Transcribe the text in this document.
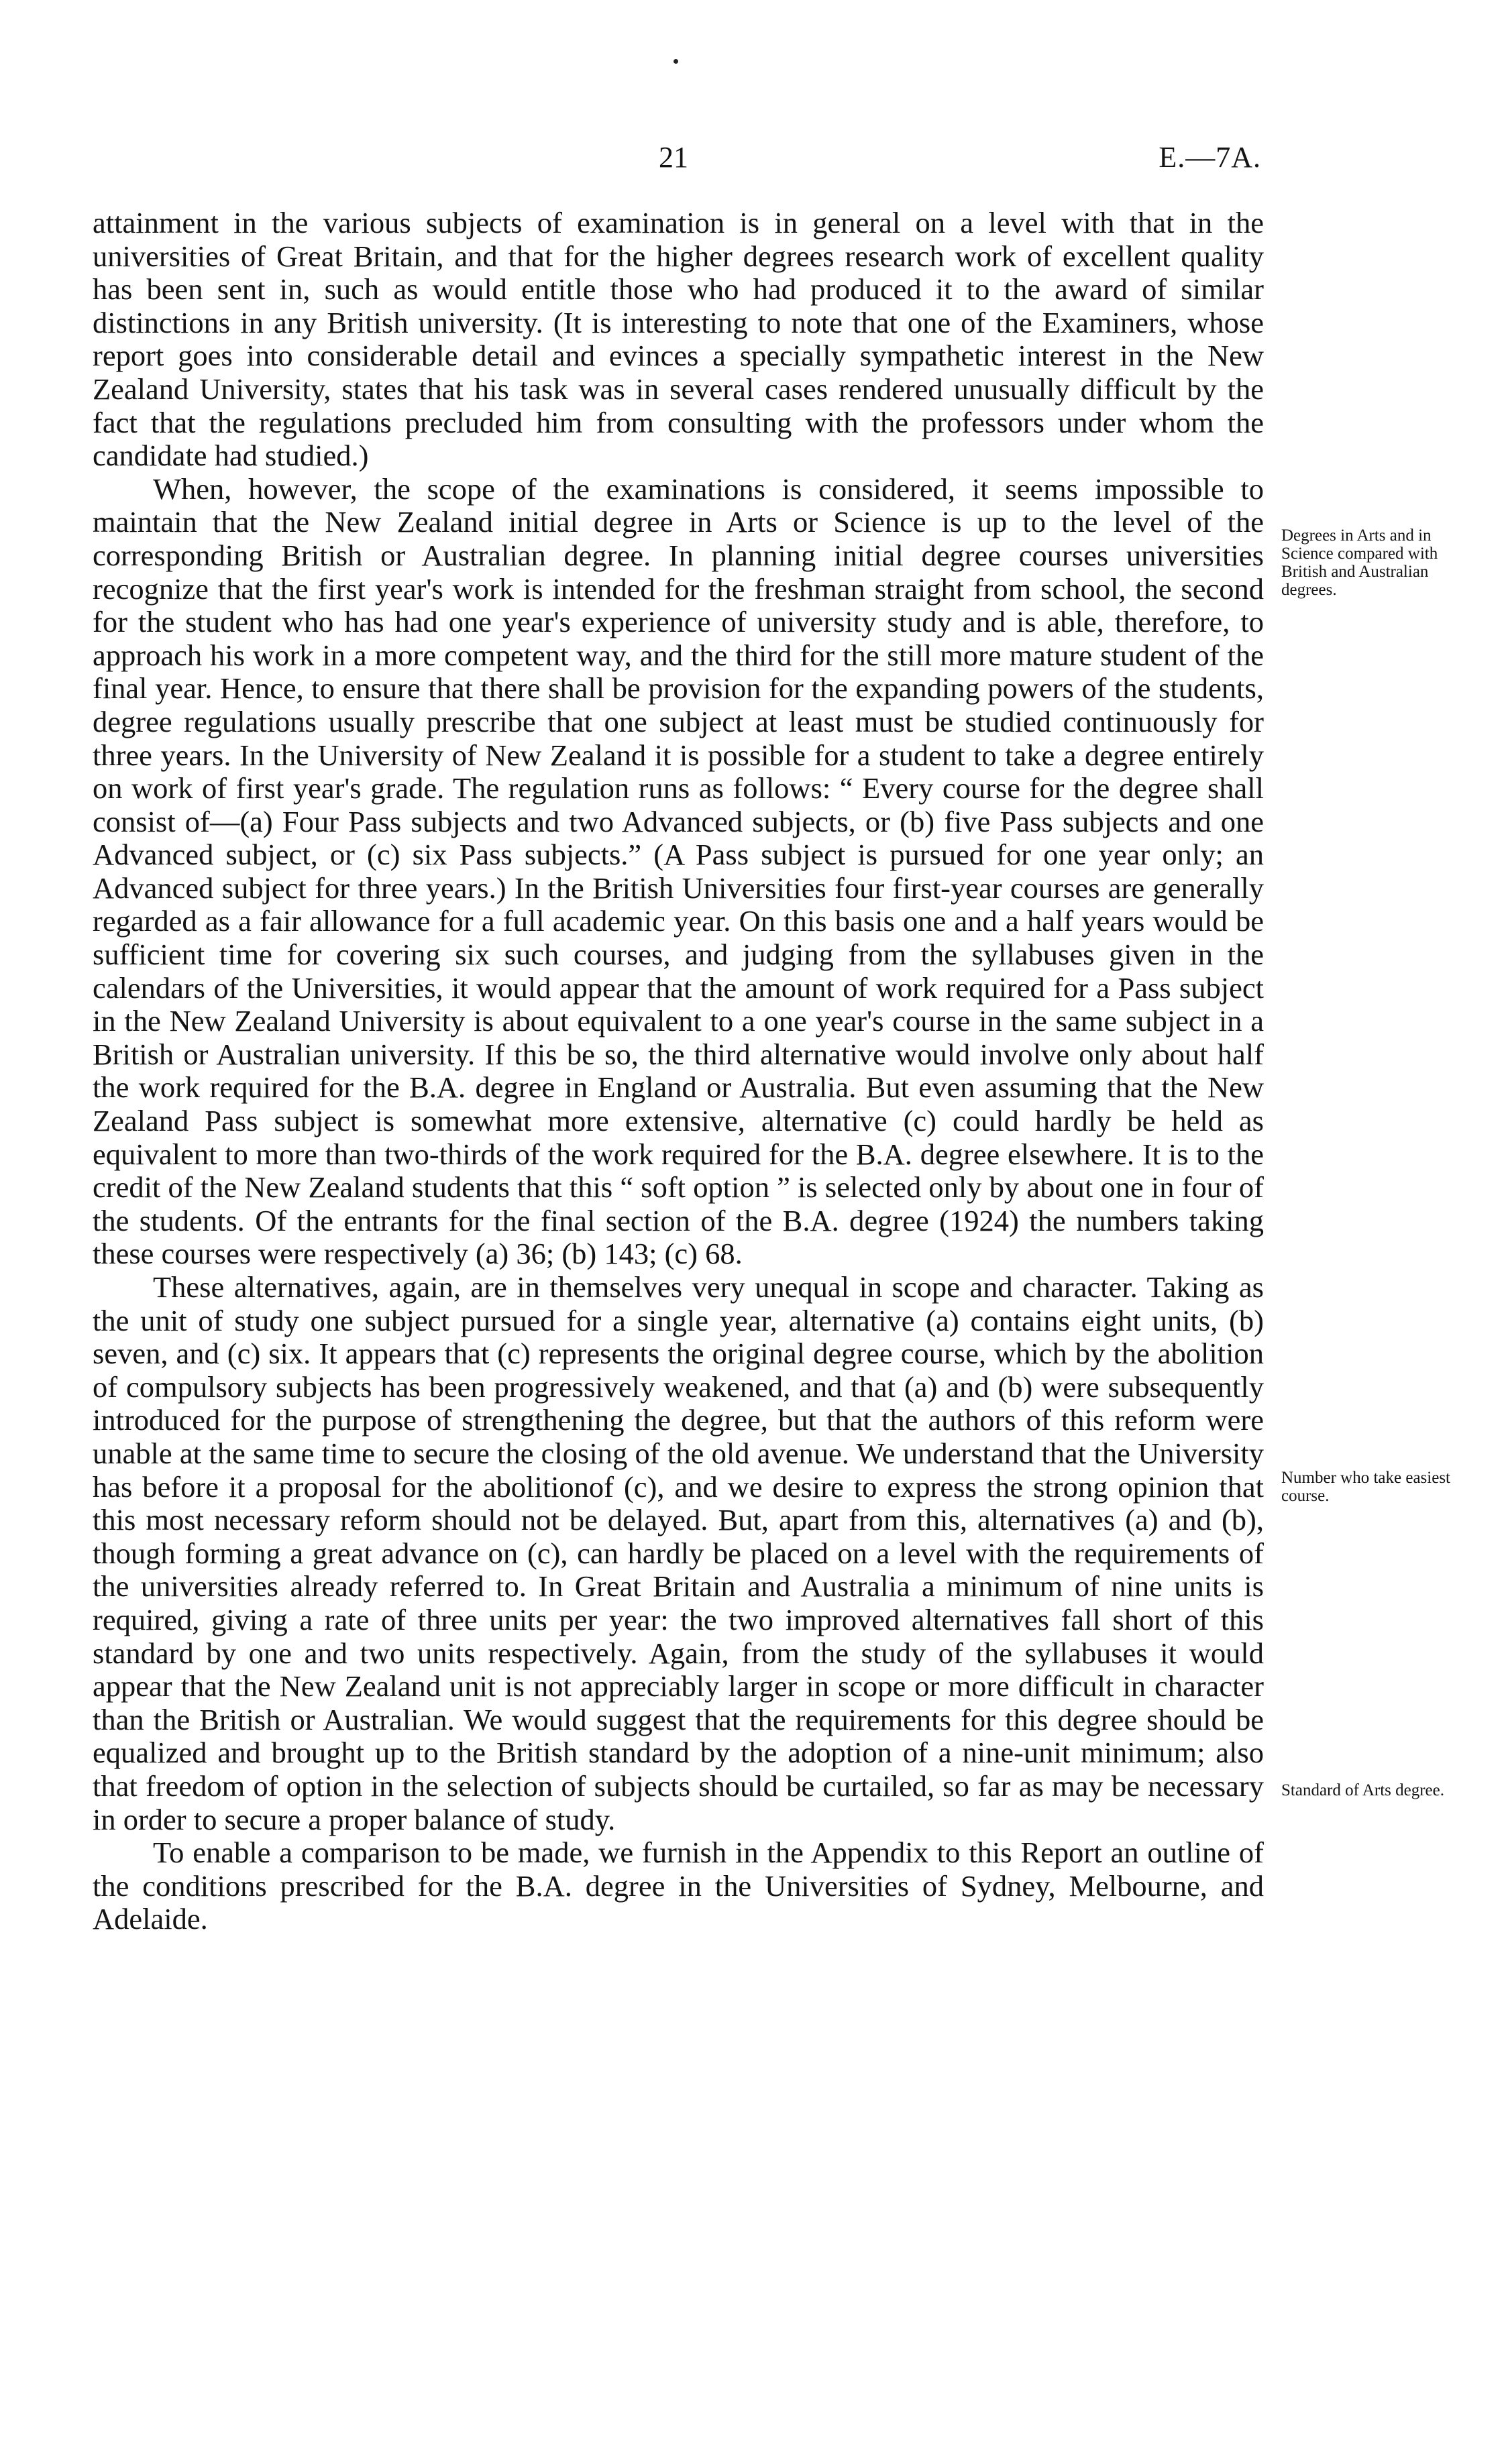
21	E.—7A.

attainment in the various subjects of examination is in general on a level with that in the universities of Great Britain, and that for the higher degrees research work of excellent quality has been sent in, such as would entitle those who had produced it to the award of similar distinctions in any British university. (It is interesting to note that one of the Examiners, whose report goes into considerable detail and evinces a specially sympathetic interest in the New Zealand University, states that his task was in several cases rendered unusually difficult by the fact that the regulations precluded him from consulting with the professors under whom the candidate had studied.)

When, however, the scope of the examinations is considered, it seems impossible to maintain that the New Zealand initial degree in Arts or Science is up to the level of the corresponding British or Australian degree. In planning initial degree courses universities recognize that the first year's work is intended for the freshman straight from school, the second for the student who has had one year's experience of university study and is able, therefore, to approach his work in a more competent way, and the third for the still more mature student of the final year. Hence, to ensure that there shall be provision for the expanding powers of the students, degree regulations usually prescribe that one subject at least must be studied continuously for three years. In the University of New Zealand it is possible for a student to take a degree entirely on work of first year's grade. The regulation runs as follows: “ Every course for the degree shall consist of—(a) Four Pass subjects and two Advanced subjects, or (b) five Pass subjects and one Advanced subject, or (c) six Pass subjects.” (A Pass subject is pursued for one year only; an Advanced subject for three years.) In the British Universities four first-year courses are generally regarded as a fair allowance for a full academic year. On this basis one and a half years would be sufficient time for covering six such courses, and judging from the syllabuses given in the calendars of the Universities, it would appear that the amount of work required for a Pass subject in the New Zealand University is about equivalent to a one year's course in the same subject in a British or Australian university. If this be so, the third alternative would involve only about half the work required for the B.A. degree in England or Australia. But even assuming that the New Zealand Pass subject is somewhat more extensive, alternative (c) could hardly be held as equivalent to more than two-thirds of the work required for the B.A. degree elsewhere. It is to the credit of the New Zealand students that this “ soft option ” is selected only by about one in four of the students. Of the entrants for the final section of the B.A. degree (1924) the numbers taking these courses were respectively (a) 36; (b) 143; (c) 68.

These alternatives, again, are in themselves very unequal in scope and character. Taking as the unit of study one subject pursued for a single year, alternative (a) contains eight units, (b) seven, and (c) six. It appears that (c) represents the original degree course, which by the abolition of compulsory subjects has been progressively weakened, and that (a) and (b) were subsequently introduced for the purpose of strengthening the degree, but that the authors of this reform were unable at the same time to secure the closing of the old avenue. We understand that the University has before it a proposal for the abolitionof (c), and we desire to express the strong opinion that this most necessary reform should not be delayed. But, apart from this, alternatives (a) and (b), though forming a great advance on (c), can hardly be placed on a level with the requirements of the universities already referred to. In Great Britain and Australia a minimum of nine units is required, giving a rate of three units per year: the two improved alternatives fall short of this standard by one and two units respectively. Again, from the study of the syllabuses it would appear that the New Zealand unit is not appreciably larger in scope or more difficult in character than the British or Australian. We would suggest that the requirements for this degree should be equalized and brought up to the British standard by the adoption of a nine-unit minimum; also that freedom of option in the selection of subjects should be curtailed, so far as may be necessary in order to secure a proper balance of study.

To enable a comparison to be made, we furnish in the Appendix to this Report an outline of the conditions prescribed for the B.A. degree in the Universities of Sydney, Melbourne, and Adelaide.

Degrees in Arts and in Science compared with British and Australian degrees.
Number who take easiest course.
Standard of Arts degree.
